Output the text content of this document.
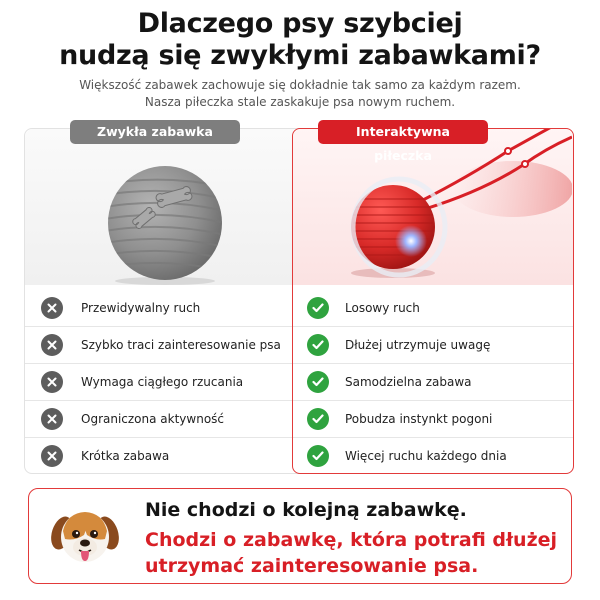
Dlaczego psy szybciej
nudzą się zwykłymi zabawkami?
Większość zabawek zachowuje się dokładnie tak samo za każdym razem.
Nasza piłeczka stale zaskakuje psa nowym ruchem.
Przewidywalny ruch
Szybko traci zainteresowanie psa
Wymaga ciągłego rzucania
Ograniczona aktywność
Krótka zabawa
Losowy ruch
Dłużej utrzymuje uwagę
Samodzielna zabawa
Pobudza instynkt pogoni
Więcej ruchu każdego dnia
Zwykła zabawka	Interaktywna piłeczka
Nie chodzi o kolejną zabawkę.
Chodzi o zabawkę, która potrafi dłużej utrzymać zainteresowanie psa.
